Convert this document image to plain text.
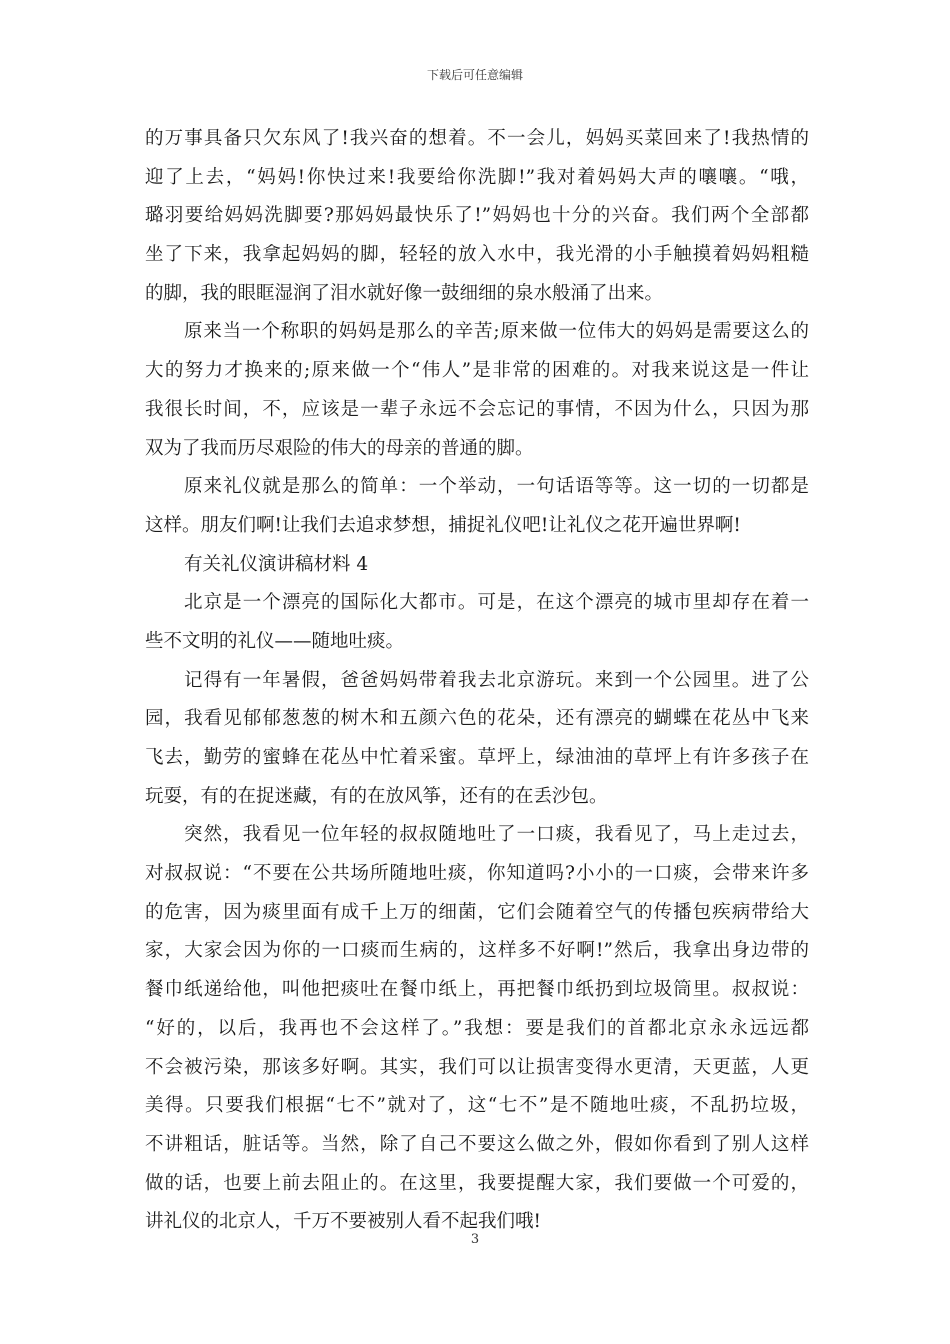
下载后可任意编辑
的万事具备只欠东风了!我兴奋的想着。不一会儿，妈妈买菜回来了!我热情的
迎了上去，“妈妈!你快过来!我要给你洗脚!”我对着妈妈大声的嚷嚷。“哦，
璐羽要给妈妈洗脚要?那妈妈最快乐了!”妈妈也十分的兴奋。我们两个全部都
坐了下来，我拿起妈妈的脚，轻轻的放入水中，我光滑的小手触摸着妈妈粗糙
的脚，我的眼眶湿润了泪水就好像一鼓细细的泉水般涌了出来。
原来当一个称职的妈妈是那么的辛苦;原来做一位伟大的妈妈是需要这么的
大的努力才换来的;原来做一个“伟人”是非常的困难的。对我来说这是一件让
我很长时间，不，应该是一辈子永远不会忘记的事情，不因为什么，只因为那
双为了我而历尽艰险的伟大的母亲的普通的脚。
原来礼仪就是那么的简单：一个举动，一句话语等等。这一切的一切都是
这样。朋友们啊!让我们去追求梦想，捕捉礼仪吧!让礼仪之花开遍世界啊!
有关礼仪演讲稿材料 4
北京是一个漂亮的国际化大都市。可是，在这个漂亮的城市里却存在着一
些不文明的礼仪——随地吐痰。
记得有一年暑假，爸爸妈妈带着我去北京游玩。来到一个公园里。进了公
园，我看见郁郁葱葱的树木和五颜六色的花朵，还有漂亮的蝴蝶在花丛中飞来
飞去，勤劳的蜜蜂在花丛中忙着采蜜。草坪上，绿油油的草坪上有许多孩子在
玩耍，有的在捉迷藏，有的在放风筝，还有的在丢沙包。
突然，我看见一位年轻的叔叔随地吐了一口痰，我看见了，马上走过去，
对叔叔说：“不要在公共场所随地吐痰，你知道吗?小小的一口痰，会带来许多
的危害，因为痰里面有成千上万的细菌，它们会随着空气的传播包疾病带给大
家，大家会因为你的一口痰而生病的，这样多不好啊!”然后，我拿出身边带的
餐巾纸递给他，叫他把痰吐在餐巾纸上，再把餐巾纸扔到垃圾筒里。叔叔说：
“好的，以后，我再也不会这样了。”我想：要是我们的首都北京永永远远都
不会被污染，那该多好啊。其实，我们可以让损害变得水更清，天更蓝，人更
美得。只要我们根据“七不”就对了，这“七不”是不随地吐痰，不乱扔垃圾，
不讲粗话，脏话等。当然，除了自己不要这么做之外，假如你看到了别人这样
做的话，也要上前去阻止的。在这里，我要提醒大家，我们要做一个可爱的，
讲礼仪的北京人，千万不要被别人看不起我们哦!
3
